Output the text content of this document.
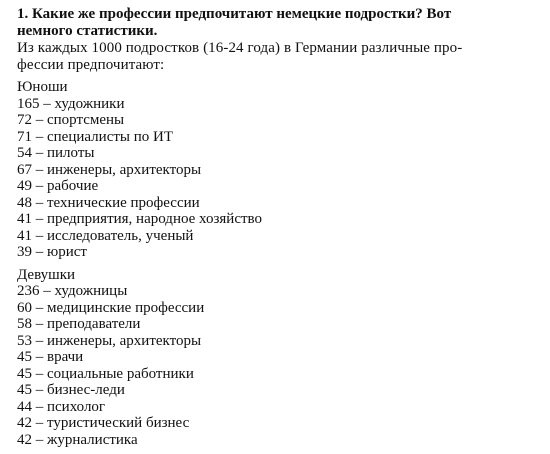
1. Какие же профессии предпочитают немецкие подростки? Вот
немного статистики.

Из каждых 1000 подростков (16-24 года) в Германии различные про-
фессии предпочитают:

Юноши

165 – художники
72 – спортсмены
71 – специалисты по ИТ
54 – пилоты
67 – инженеры, архитекторы
49 – рабочие
48 – технические профессии
41 – предприятия, народное хозяйство
41 – исследователь, ученый
39 – юрист

Девушки

236 – художницы
60 – медицинские профессии
58 – преподаватели
53 – инженеры, архитекторы
45 – врачи
45 – социальные работники
45 – бизнес-леди
44 – психолог
42 – туристический бизнес
42 – журналистика
